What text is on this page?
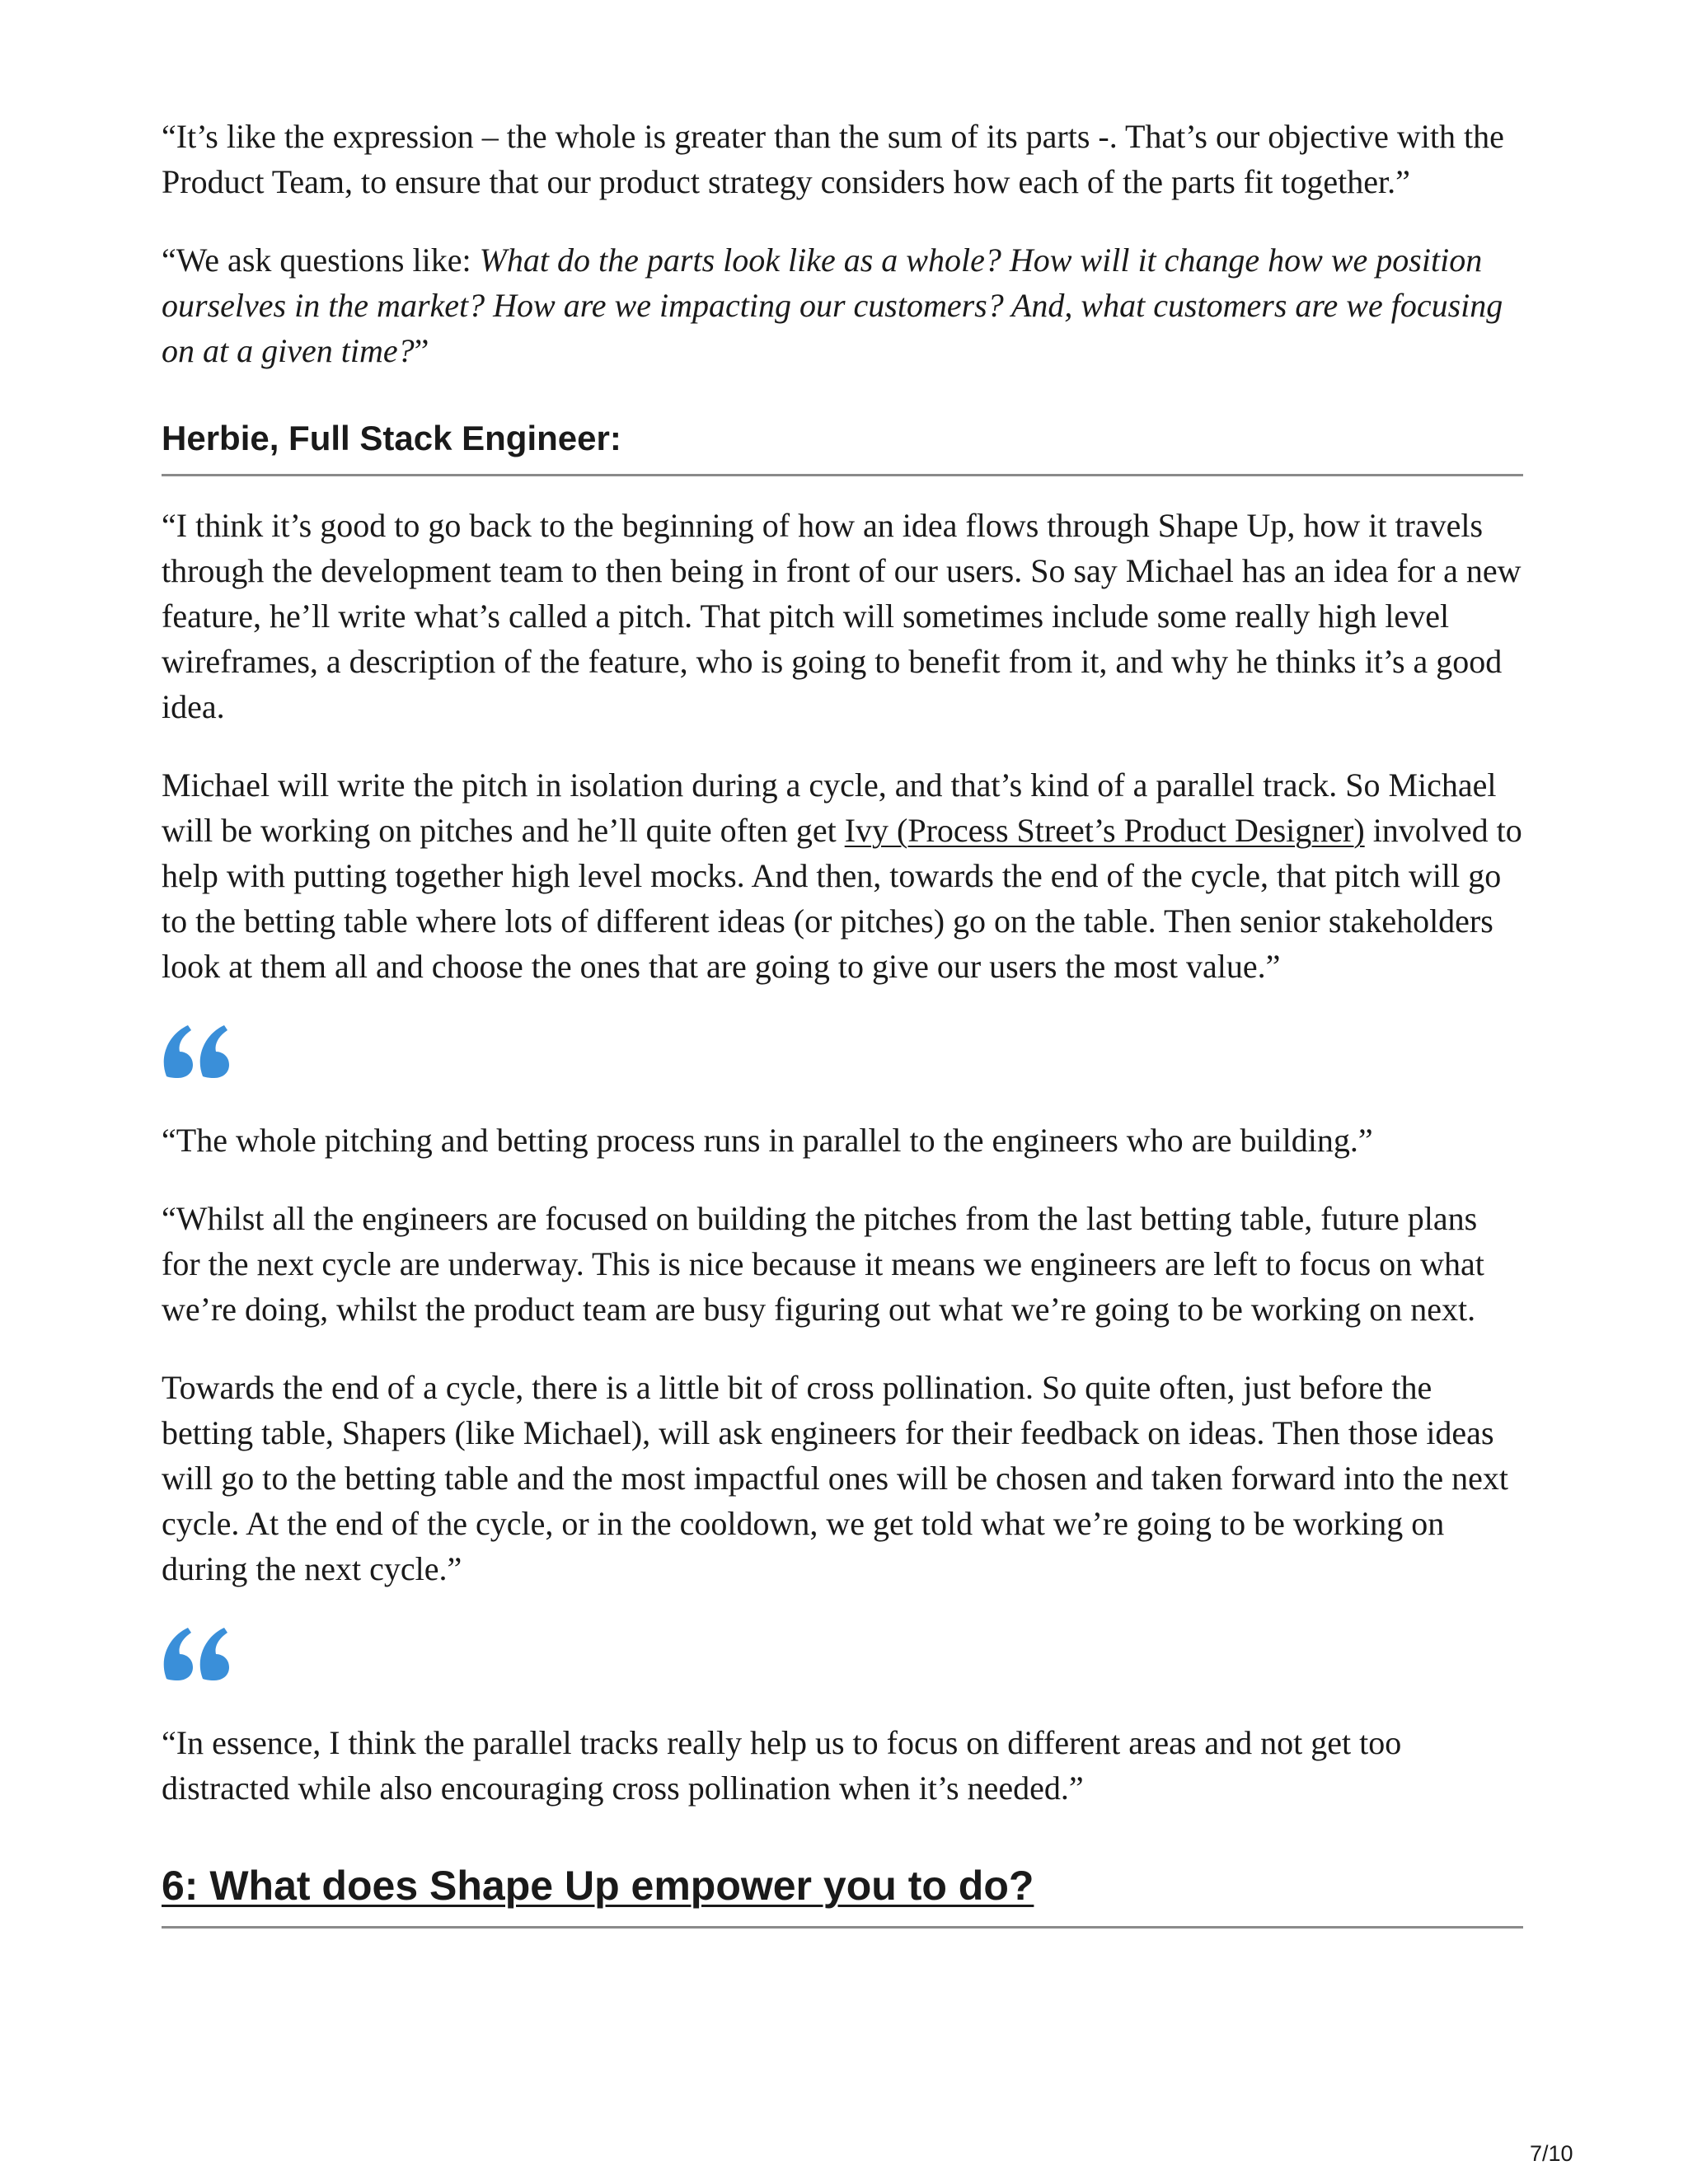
“It’s like the expression – the whole is greater than the sum of its parts -. That’s our objective with the Product Team, to ensure that our product strategy considers how each of the parts fit together.”

“We ask questions like: What do the parts look like as a whole? How will it change how we position ourselves in the market? How are we impacting our customers? And, what customers are we focusing on at a given time?”

Herbie, Full Stack Engineer:

“I think it’s good to go back to the beginning of how an idea flows through Shape Up, how it travels through the development team to then being in front of our users. So say Michael has an idea for a new feature, he’ll write what’s called a pitch. That pitch will sometimes include some really high level wireframes, a description of the feature, who is going to benefit from it, and why he thinks it’s a good idea.

Michael will write the pitch in isolation during a cycle, and that’s kind of a parallel track. So Michael will be working on pitches and he’ll quite often get Ivy (Process Street’s Product Designer) involved to help with putting together high level mocks. And then, towards the end of the cycle, that pitch will go to the betting table where lots of different ideas (or pitches) go on the table. Then senior stakeholders look at them all and choose the ones that are going to give our users the most value.”

“The whole pitching and betting process runs in parallel to the engineers who are building.”

“Whilst all the engineers are focused on building the pitches from the last betting table, future plans for the next cycle are underway. This is nice because it means we engineers are left to focus on what we’re doing, whilst the product team are busy figuring out what we’re going to be working on next.

Towards the end of a cycle, there is a little bit of cross pollination. So quite often, just before the betting table, Shapers (like Michael), will ask engineers for their feedback on ideas. Then those ideas will go to the betting table and the most impactful ones will be chosen and taken forward into the next cycle. At the end of the cycle, or in the cooldown, we get told what we’re going to be working on during the next cycle.”

“In essence, I think the parallel tracks really help us to focus on different areas and not get too distracted while also encouraging cross pollination when it’s needed.”

6: What does Shape Up empower you to do?
7/10
